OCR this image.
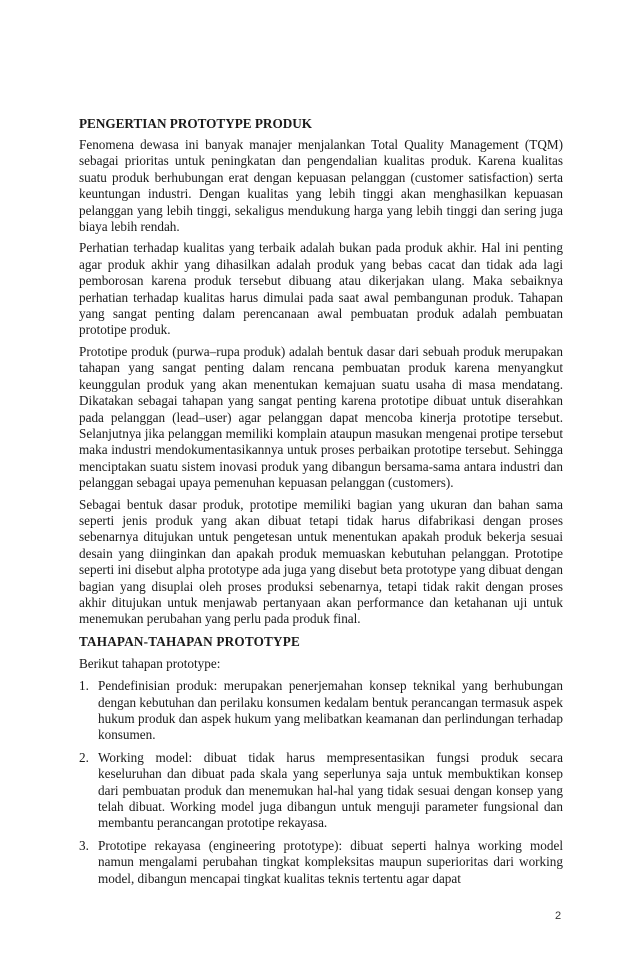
PENGERTIAN PROTOTYPE PRODUK

Fenomena dewasa ini banyak manajer menjalankan Total Quality Management (TQM) sebagai prioritas untuk peningkatan dan pengendalian kualitas produk. Karena kualitas suatu produk berhubungan erat dengan kepuasan pelanggan (customer satisfaction) serta keuntungan industri. Dengan kualitas yang lebih tinggi akan menghasilkan kepuasan pelanggan yang lebih tinggi, sekaligus mendukung harga yang lebih tinggi dan sering juga biaya lebih rendah.

Perhatian terhadap kualitas yang terbaik adalah bukan pada produk akhir. Hal ini penting agar produk akhir yang dihasilkan adalah produk yang bebas cacat dan tidak ada lagi pemborosan karena produk tersebut dibuang atau dikerjakan ulang. Maka sebaiknya perhatian terhadap kualitas harus dimulai pada saat awal pembangunan produk. Tahapan yang sangat penting dalam perencanaan awal pembuatan produk adalah pembuatan prototipe produk.

Prototipe produk (purwa–rupa produk) adalah bentuk dasar dari sebuah produk merupakan tahapan yang sangat penting dalam rencana pembuatan produk karena menyangkut keunggulan produk yang akan menentukan kemajuan suatu usaha di masa mendatang. Dikatakan sebagai tahapan yang sangat penting karena prototipe dibuat untuk diserahkan pada pelanggan (lead–user) agar pelanggan dapat mencoba kinerja prototipe tersebut. Selanjutnya jika pelanggan memiliki komplain ataupun masukan mengenai protipe tersebut maka industri mendokumentasikannya untuk proses perbaikan prototipe tersebut. Sehingga menciptakan suatu sistem inovasi produk yang dibangun bersama-sama antara industri dan pelanggan sebagai upaya pemenuhan kepuasan pelanggan (customers).

Sebagai bentuk dasar produk, prototipe memiliki bagian yang ukuran dan bahan sama seperti jenis produk yang akan dibuat tetapi tidak harus difabrikasi dengan proses sebenarnya ditujukan untuk pengetesan untuk menentukan apakah produk bekerja sesuai desain yang diinginkan dan apakah produk memuaskan kebutuhan pelanggan. Prototipe seperti ini disebut alpha prototype ada juga yang disebut beta prototype yang dibuat dengan bagian yang disuplai oleh proses produksi sebenarnya, tetapi tidak rakit dengan proses akhir ditujukan untuk menjawab pertanyaan akan performance dan ketahanan uji untuk menemukan perubahan yang perlu pada produk final.

TAHAPAN-TAHAPAN PROTOTYPE

Berikut tahapan prototype:

1. Pendefinisian produk: merupakan penerjemahan konsep teknikal yang berhubungan dengan kebutuhan dan perilaku konsumen kedalam bentuk perancangan termasuk aspek hukum produk dan aspek hukum yang melibatkan keamanan dan perlindungan terhadap konsumen.
2. Working model: dibuat tidak harus mempresentasikan fungsi produk secara keseluruhan dan dibuat pada skala yang seperlunya saja untuk membuktikan konsep dari pembuatan produk dan menemukan hal-hal yang tidak sesuai dengan konsep yang telah dibuat. Working model juga dibangun untuk menguji parameter fungsional dan membantu perancangan prototipe rekayasa.
3. Prototipe rekayasa (engineering prototype): dibuat seperti halnya working model namun mengalami perubahan tingkat kompleksitas maupun superioritas dari working model, dibangun mencapai tingkat kualitas teknis tertentu agar dapat
2
